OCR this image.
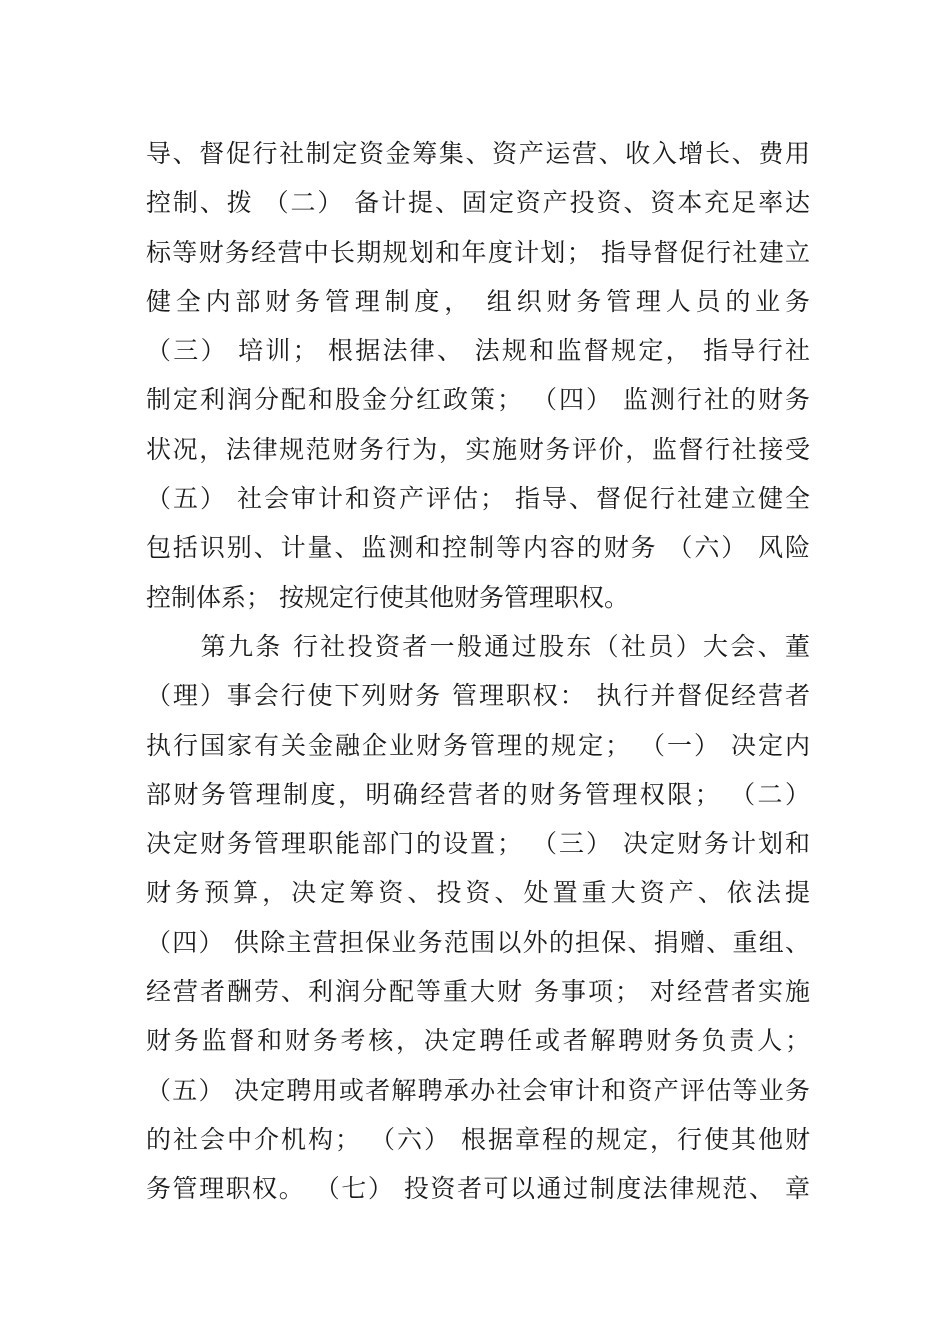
导、督促行社制定资金筹集、资产运营、收入增长、费用
控制、拨 （二） 备计提、固定资产投资、资本充足率达
标等财务经营中长期规划和年度计划； 指导督促行社建立
健全内部财务管理制度， 组织财务管理人员的业务
（三） 培训； 根据法律、 法规和监督规定， 指导行社
制定利润分配和股金分红政策； （四） 监测行社的财务
状况，法律规范财务行为，实施财务评价，监督行社接受
（五） 社会审计和资产评估； 指导、督促行社建立健全
包括识别、计量、监测和控制等内容的财务 （六） 风险
控制体系； 按规定行使其他财务管理职权。
　　第九条 行社投资者一般通过股东（社员）大会、董
（理）事会行使下列财务 管理职权： 执行并督促经营者
执行国家有关金融企业财务管理的规定； （一） 决定内
部财务管理制度，明确经营者的财务管理权限； （二）
决定财务管理职能部门的设置； （三） 决定财务计划和
财务预算，决定筹资、投资、处置重大资产、依法提
（四） 供除主营担保业务范围以外的担保、捐赠、重组、
经营者酬劳、利润分配等重大财 务事项； 对经营者实施
财务监督和财务考核，决定聘任或者解聘财务负责人；
（五） 决定聘用或者解聘承办社会审计和资产评估等业务
的社会中介机构； （六） 根据章程的规定，行使其他财
务管理职权。 （七） 投资者可以通过制度法律规范、 章
